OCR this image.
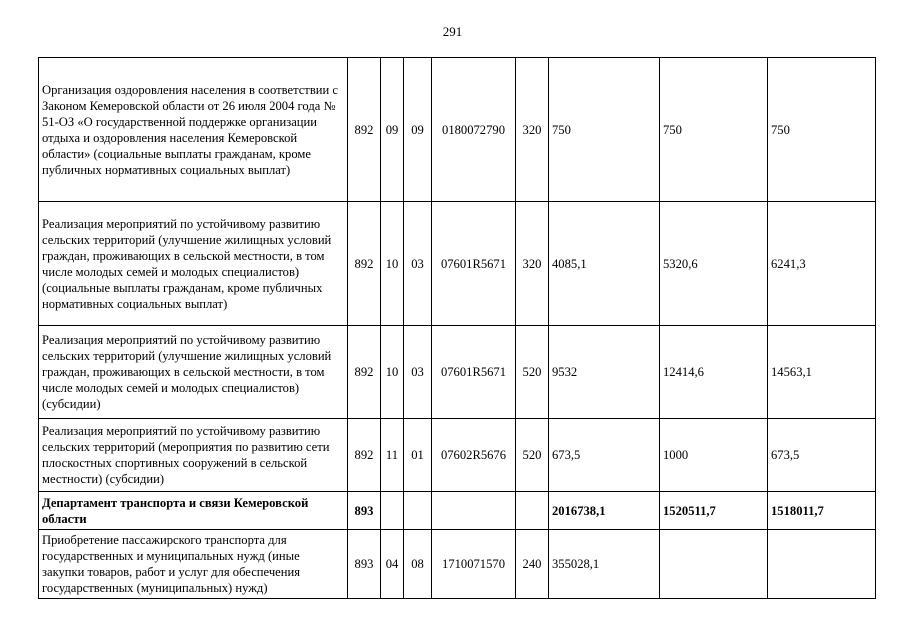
291
Организация оздоровления населения в соответствии с Законом Кемеровской области от 26 июля 2004 года № 51-ОЗ «О государственной поддержке организации отдыха и оздоровления населения Кемеровской области» (социальные выплаты гражданам, кроме публичных нормативных социальных выплат)	892	09	09	0180072790	320	750	750	750
Реализация мероприятий по устойчивому развитию сельских территорий (улучшение жилищных условий граждан, проживающих в сельской местности, в том числе молодых семей и молодых специалистов) (социальные выплаты гражданам, кроме публичных нормативных социальных выплат)	892	10	03	07601R5671	320	4085,1	5320,6	6241,3
Реализация мероприятий по устойчивому развитию сельских территорий (улучшение жилищных условий граждан, проживающих в сельской местности, в том числе молодых семей и молодых специалистов) (субсидии)	892	10	03	07601R5671	520	9532	12414,6	14563,1
Реализация мероприятий по устойчивому развитию сельских территорий (мероприятия по развитию сети плоскостных спортивных сооружений в сельской местности) (субсидии)	892	11	01	07602R5676	520	673,5	1000	673,5
Департамент транспорта и связи Кемеровской области	893					2016738,1	1520511,7	1518011,7
Приобретение пассажирского транспорта для государственных и муниципальных нужд (иные закупки товаров, работ и услуг для обеспечения государственных (муниципальных) нужд)	893	04	08	1710071570	240	355028,1		
